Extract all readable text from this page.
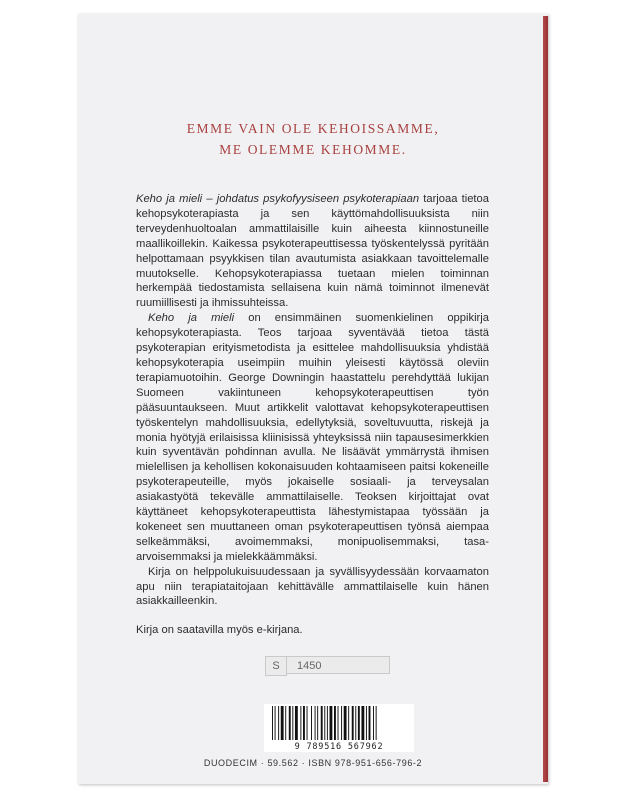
EMME VAIN OLE KEHOISSAMME,
ME OLEMME KEHOMME.

Keho ja mieli – johdatus psykofyysiseen psykoterapiaan tarjoaa tietoa kehopsykoterapiasta ja sen käyttömahdollisuuksista niin terveydenhuoltoalan ammattilaisille kuin aiheesta kiinnostuneille maallikoillekin. Kaikessa psykoterapeuttisessa työskentelyssä pyritään helpottamaan psyykkisen tilan avautumista asiakkaan tavoittelemalle muutokselle. Kehopsykoterapiassa tuetaan mielen toiminnan herkempää tiedostamista sellaisena kuin nämä toiminnot ilmenevät ruumiillisesti ja ihmissuhteissa.

Keho ja mieli on ensimmäinen suomenkielinen oppikirja kehopsykoterapiasta. Teos tarjoaa syventävää tietoa tästä psykoterapian erityismetodista ja esittelee mahdollisuuksia yhdistää kehopsykoterapia useimpiin muihin yleisesti käytössä oleviin terapiamuotoihin. George Downingin haastattelu perehdyttää lukijan Suomeen vakiintuneen kehopsykoterapeuttisen työn pääsuuntaukseen. Muut artikkelit valottavat kehopsykoterapeuttisen työskentelyn mahdollisuuksia, edellytyksiä, soveltuvuutta, riskejä ja monia hyötyjä erilaisissa kliinisissä yhteyksissä niin tapausesimerkkien kuin syventävän pohdinnan avulla. Ne lisäävät ymmärrystä ihmisen mielellisen ja kehollisen kokonaisuuden kohtaamiseen paitsi kokeneille psykoterapeuteille, myös jokaiselle sosiaali- ja terveysalan asiakastyötä tekevälle ammattilaiselle. Teoksen kirjoittajat ovat käyttäneet kehopsykoterapeuttista lähestymistapaa työssään ja kokeneet sen muuttaneen oman psykoterapeuttisen työnsä aiempaa selkeämmäksi, avoimemmaksi, monipuolisemmaksi, tasa-arvoisemmaksi ja mielekkäämmäksi.

Kirja on helppolukuisuudessaan ja syvällisyydessään korvaamaton apu niin terapiataitojaan kehittävälle ammattilaiselle kuin hänen asiakkailleenkin.

Kirja on saatavilla myös e-kirjana.

S	1450
9 789516 567962
DUODECIM · 59.562 · ISBN 978-951-656-796-2
